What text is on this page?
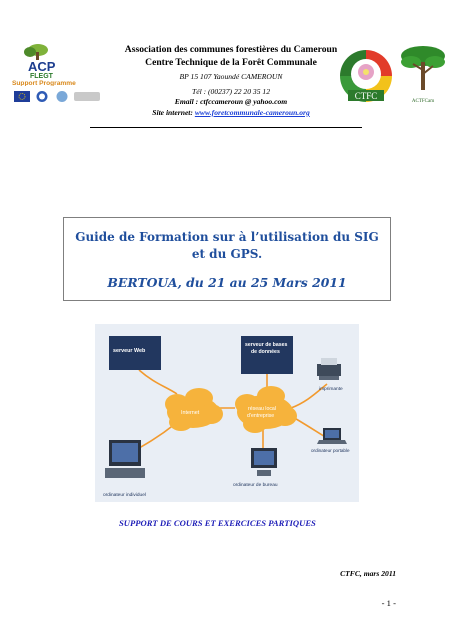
ACP
FLEGT
Support Programme
Association des communes forestières du Cameroun
Centre Technique de la Forêt Communale
BP 15 107 Yaoundé CAMEROUN
Tél : (00237) 22 20 35 12
Email : ctfccameroun @ yahoo.com
Site internet: www.foretcommunale-cameroun.org
CTFC
ACTFCam
Guide de Formation sur à l’utilisation du SIG
et du GPS.
BERTOUA, du 21 au 25 Mars 2011
serveur Web
serveur de bases
de données
Internet
réseau local
d’entreprise
imprimante
ordinateur portable
ordinateur de bureau
ordinateur individuel
SUPPORT DE COURS ET EXERCICES PARTIQUES
CTFC, mars 2011
- 1 -
